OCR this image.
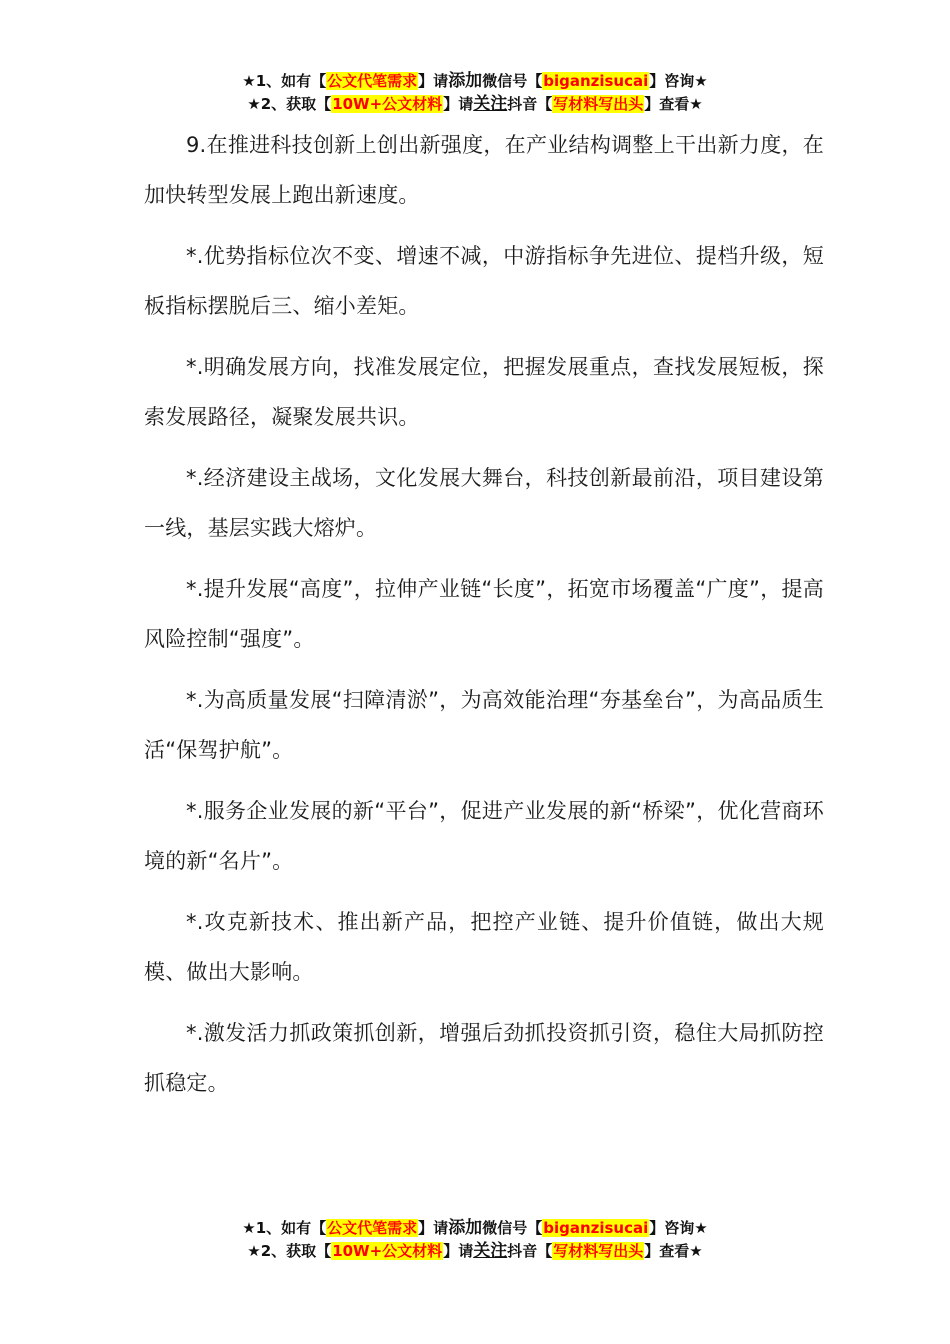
★1、如有【公文代笔需求】请添加微信号【biganzisucai】咨询★
★2、获取【10W+公文材料】请关注抖音【写材料写出头】查看★

9.在推进科技创新上创出新强度，在产业结构调整上干出新力度，在加快转型发展上跑出新速度。

*.优势指标位次不变、增速不减，中游指标争先进位、提档升级，短板指标摆脱后三、缩小差矩。

*.明确发展方向，找准发展定位，把握发展重点，查找发展短板，探索发展路径，凝聚发展共识。

*.经济建设主战场，文化发展大舞台，科技创新最前沿，项目建设第一线，基层实践大熔炉。

*.提升发展“高度”，拉伸产业链“长度”，拓宽市场覆盖“广度”，提高风险控制“强度”。

*.为高质量发展“扫障清淤”，为高效能治理“夯基垒台”，为高品质生活“保驾护航”。

*.服务企业发展的新“平台”，促进产业发展的新“桥梁”，优化营商环境的新“名片”。

*.攻克新技术、推出新产品，把控产业链、提升价值链，做出大规模、做出大影响。

*.激发活力抓政策抓创新，增强后劲抓投资抓引资，稳住大局抓防控抓稳定。

★1、如有【公文代笔需求】请添加微信号【biganzisucai】咨询★
★2、获取【10W+公文材料】请关注抖音【写材料写出头】查看★
